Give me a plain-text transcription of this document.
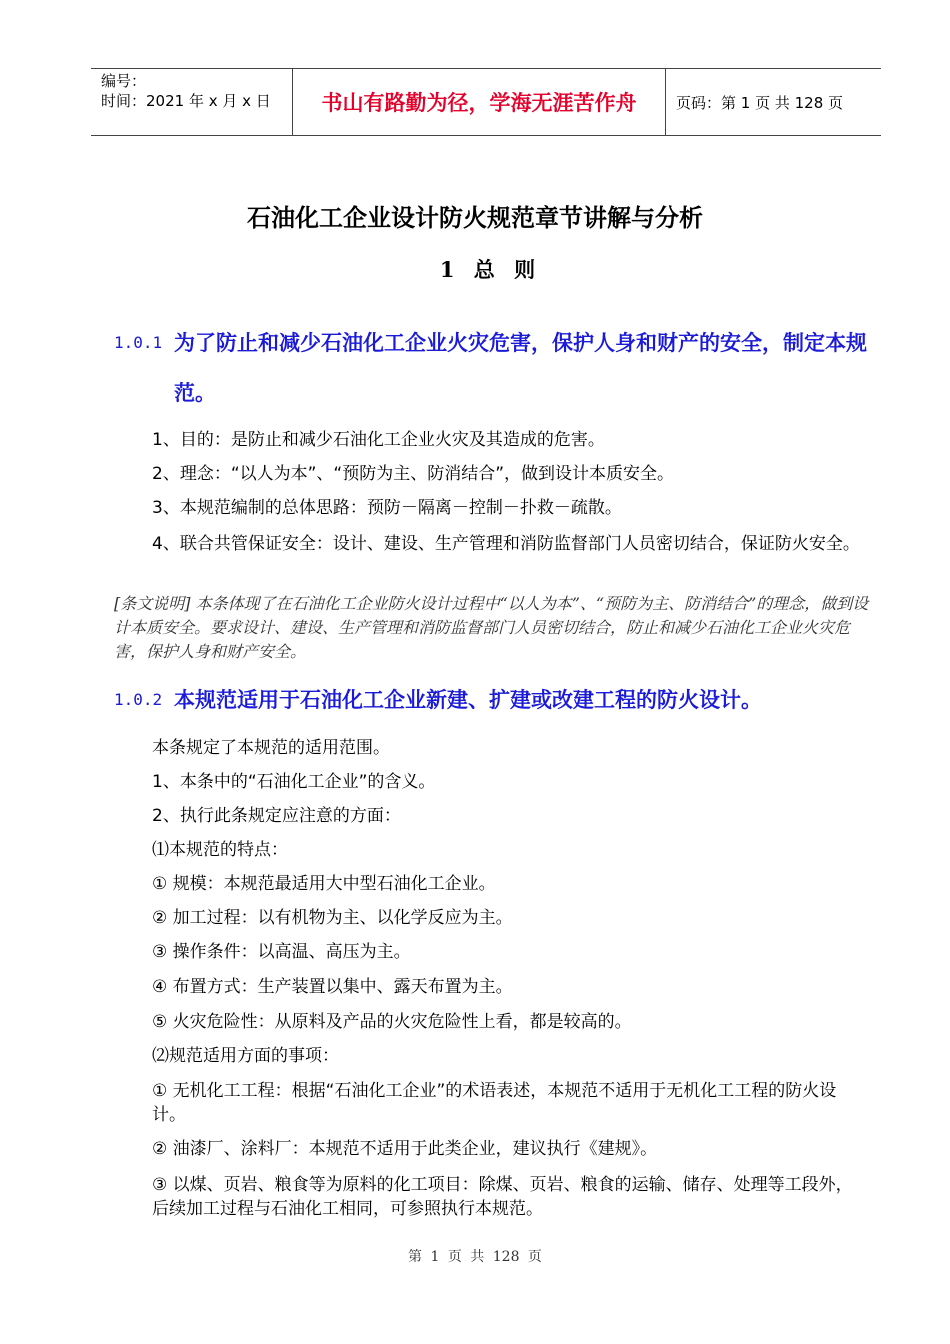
编号：
时间：2021 年 x 月 x 日	书山有路勤为径，学海无涯苦作舟	页码：第 1 页 共 128 页
石油化工企业设计防火规范章节讲解与分析
1 总 则
1.0.1 为了防止和减少石油化工企业火灾危害，保护人身和财产的安全，制定本规范。
1、目的：是防止和减少石油化工企业火灾及其造成的危害。
2、理念：“以人为本”、“预防为主、防消结合”，做到设计本质安全。
3、本规范编制的总体思路：预防－隔离－控制－扑救－疏散。
4、联合共管保证安全：设计、建设、生产管理和消防监督部门人员密切结合，保证防火安全。
[条文说明] 本条体现了在石油化工企业防火设计过程中“以人为本”、“预防为主、防消结合”的理念，做到设计本质安全。要求设计、建设、生产管理和消防监督部门人员密切结合，防止和减少石油化工企业火灾危害，保护人身和财产安全。
1.0.2 本规范适用于石油化工企业新建、扩建或改建工程的防火设计。
本条规定了本规范的适用范围。
1、本条中的“石油化工企业”的含义。
2、执行此条规定应注意的方面：
⑴本规范的特点：
① 规模：本规范最适用大中型石油化工企业。
② 加工过程：以有机物为主、以化学反应为主。
③ 操作条件：以高温、高压为主。
④ 布置方式：生产装置以集中、露天布置为主。
⑤ 火灾危险性：从原料及产品的火灾危险性上看，都是较高的。
⑵规范适用方面的事项：
① 无机化工工程：根据“石油化工企业”的术语表述，本规范不适用于无机化工工程的防火设计。
② 油漆厂、涂料厂：本规范不适用于此类企业，建议执行《建规》。
③ 以煤、页岩、粮食等为原料的化工项目：除煤、页岩、粮食的运输、储存、处理等工段外，后续加工过程与石油化工相同，可参照执行本规范。
第 1 页 共 128 页
